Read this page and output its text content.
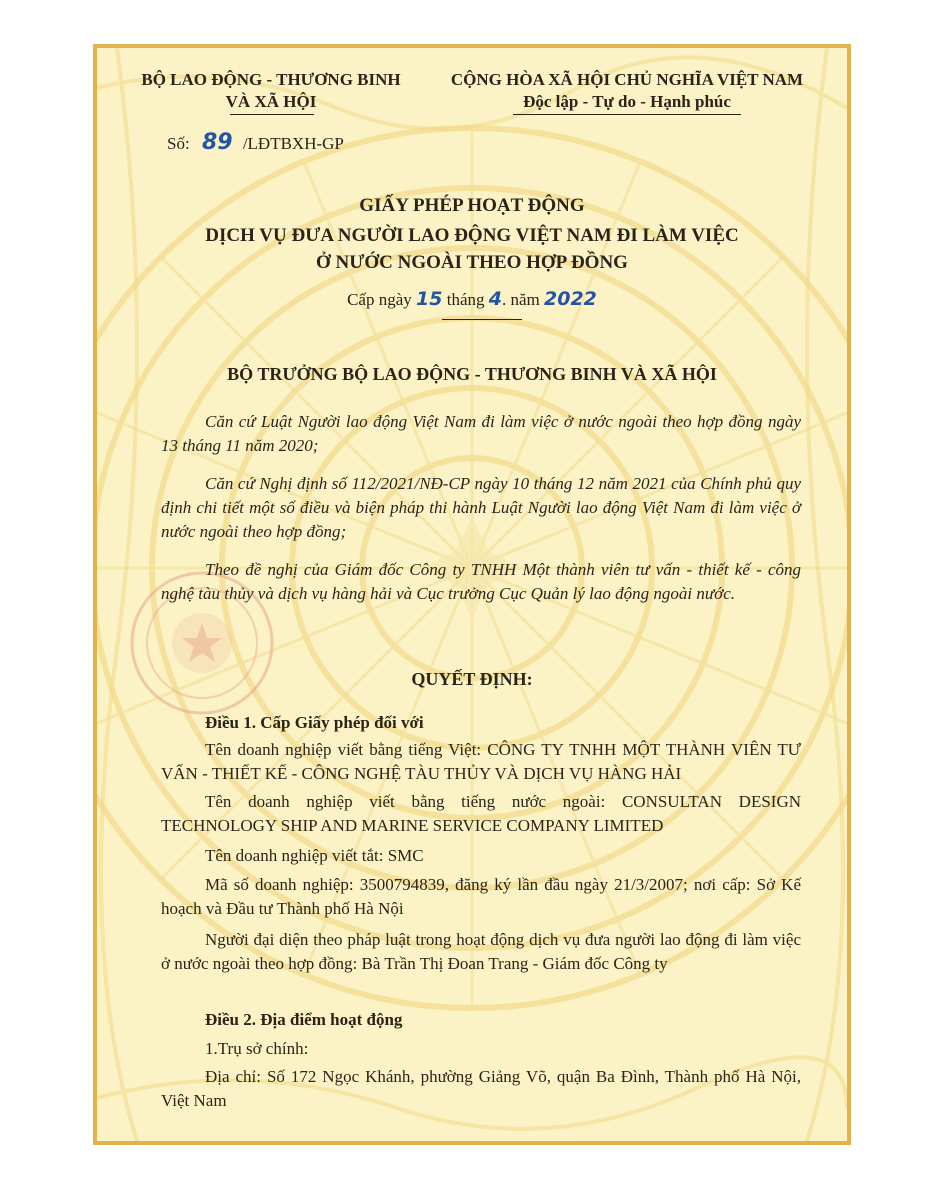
BỘ LAO ĐỘNG - THƯƠNG BINH
VÀ XÃ HỘI
CỘNG HÒA XÃ HỘI CHỦ NGHĨA VIỆT NAM
Độc lập - Tự do - Hạnh phúc
Số: 89 /LĐTBXH-GP
GIẤY PHÉP HOẠT ĐỘNG
DỊCH VỤ ĐƯA NGƯỜI LAO ĐỘNG VIỆT NAM ĐI LÀM VIỆC
Ở NƯỚC NGOÀI THEO HỢP ĐỒNG
Cấp ngày 15 tháng 4. năm 2022
BỘ TRƯỞNG BỘ LAO ĐỘNG - THƯƠNG BINH VÀ XÃ HỘI
Căn cứ Luật Người lao động Việt Nam đi làm việc ở nước ngoài theo hợp đồng ngày 13 tháng 11 năm 2020;
Căn cứ Nghị định số 112/2021/NĐ-CP ngày 10 tháng 12 năm 2021 của Chính phủ quy định chi tiết một số điều và biện pháp thi hành Luật Người lao động Việt Nam đi làm việc ở nước ngoài theo hợp đồng;
Theo đề nghị của Giám đốc Công ty TNHH Một thành viên tư vấn - thiết kế - công nghệ tàu thủy và dịch vụ hàng hải và Cục trưởng Cục Quản lý lao động ngoài nước.
QUYẾT ĐỊNH:
Điều 1. Cấp Giấy phép đối với
Tên doanh nghiệp viết bằng tiếng Việt: CÔNG TY TNHH MỘT THÀNH VIÊN TƯ VẤN - THIẾT KẾ - CÔNG NGHỆ TÀU THỦY VÀ DỊCH VỤ HÀNG HẢI
Tên doanh nghiệp viết bằng tiếng nước ngoài: CONSULTAN DESIGN TECHNOLOGY SHIP AND MARINE SERVICE COMPANY LIMITED
Tên doanh nghiệp viết tắt: SMC
Mã số doanh nghiệp: 3500794839, đăng ký lần đầu ngày 21/3/2007; nơi cấp: Sở Kế hoạch và Đầu tư Thành phố Hà Nội
Người đại diện theo pháp luật trong hoạt động dịch vụ đưa người lao động đi làm việc ở nước ngoài theo hợp đồng: Bà Trần Thị Đoan Trang - Giám đốc Công ty
Điều 2. Địa điểm hoạt động
1.Trụ sở chính:
Địa chỉ: Số 172 Ngọc Khánh, phường Giảng Võ, quận Ba Đình, Thành phố Hà Nội, Việt Nam
